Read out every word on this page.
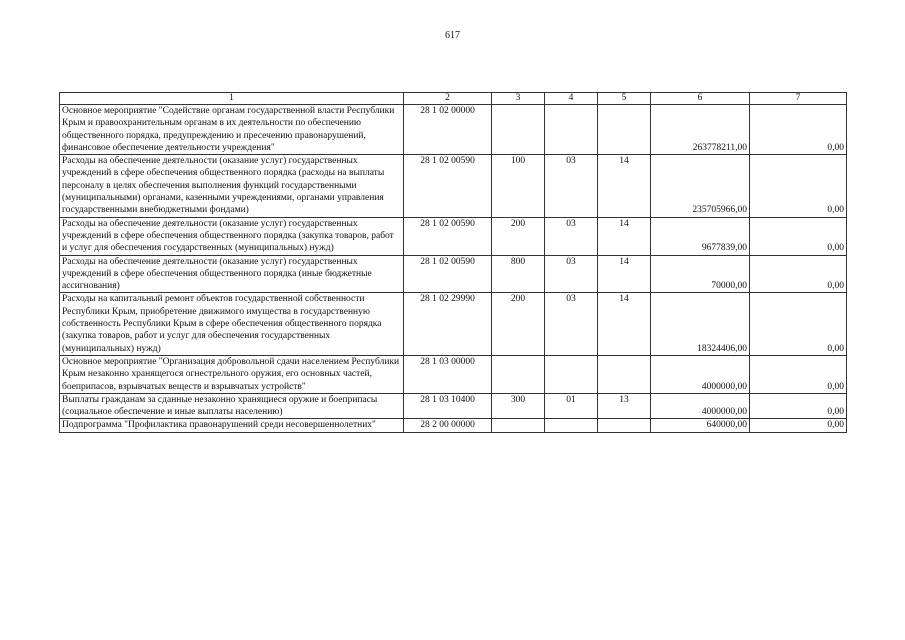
617
1	2	3	4	5	6	7
Основное мероприятие "Содействие органам государственной власти Республики Крым и правоохранительным органам в их деятельности по обеспечению общественного порядка, предупреждению и пресечению правонарушений, финансовое обеспечение деятельности учреждения"	28 1 02 00000				263778211,00	0,00
Расходы на обеспечение деятельности (оказание услуг) государственных учреждений в сфере обеспечения общественного порядка (расходы на выплаты персоналу в целях обеспечения выполнения функций государственными (муниципальными) органами, казенными учреждениями, органами управления государственными внебюджетными фондами)	28 1 02 00590	100	03	14	235705966,00	0,00
Расходы на обеспечение деятельности (оказание услуг) государственных учреждений в сфере обеспечения общественного порядка (закупка товаров, работ и услуг для обеспечения государственных (муниципальных) нужд)	28 1 02 00590	200	03	14	9677839,00	0,00
Расходы на обеспечение деятельности (оказание услуг) государственных учреждений в сфере обеспечения общественного порядка (иные бюджетные ассигнования)	28 1 02 00590	800	03	14	70000,00	0,00
Расходы на капитальный ремонт объектов государственной собственности Республики Крым, приобретение движимого имущества в государственную собственность Республики Крым в сфере обеспечения общественного порядка (закупка товаров, работ и услуг для обеспечения государственных (муниципальных) нужд)	28 1 02 29990	200	03	14	18324406,00	0,00
Основное мероприятие "Организация добровольной сдачи населением Республики Крым незаконно хранящегося огнестрельного оружия, его основных частей, боеприпасов, взрывчатых веществ и взрывчатых устройств"	28 1 03 00000				4000000,00	0,00
Выплаты гражданам за сданные незаконно хранящиеся оружие и боеприпасы (социальное обеспечение и иные выплаты населению)	28 1 03 10400	300	01	13	4000000,00	0,00
Подпрограмма "Профилактика правонарушений среди несовершеннолетних"	28 2 00 00000				640000,00	0,00
